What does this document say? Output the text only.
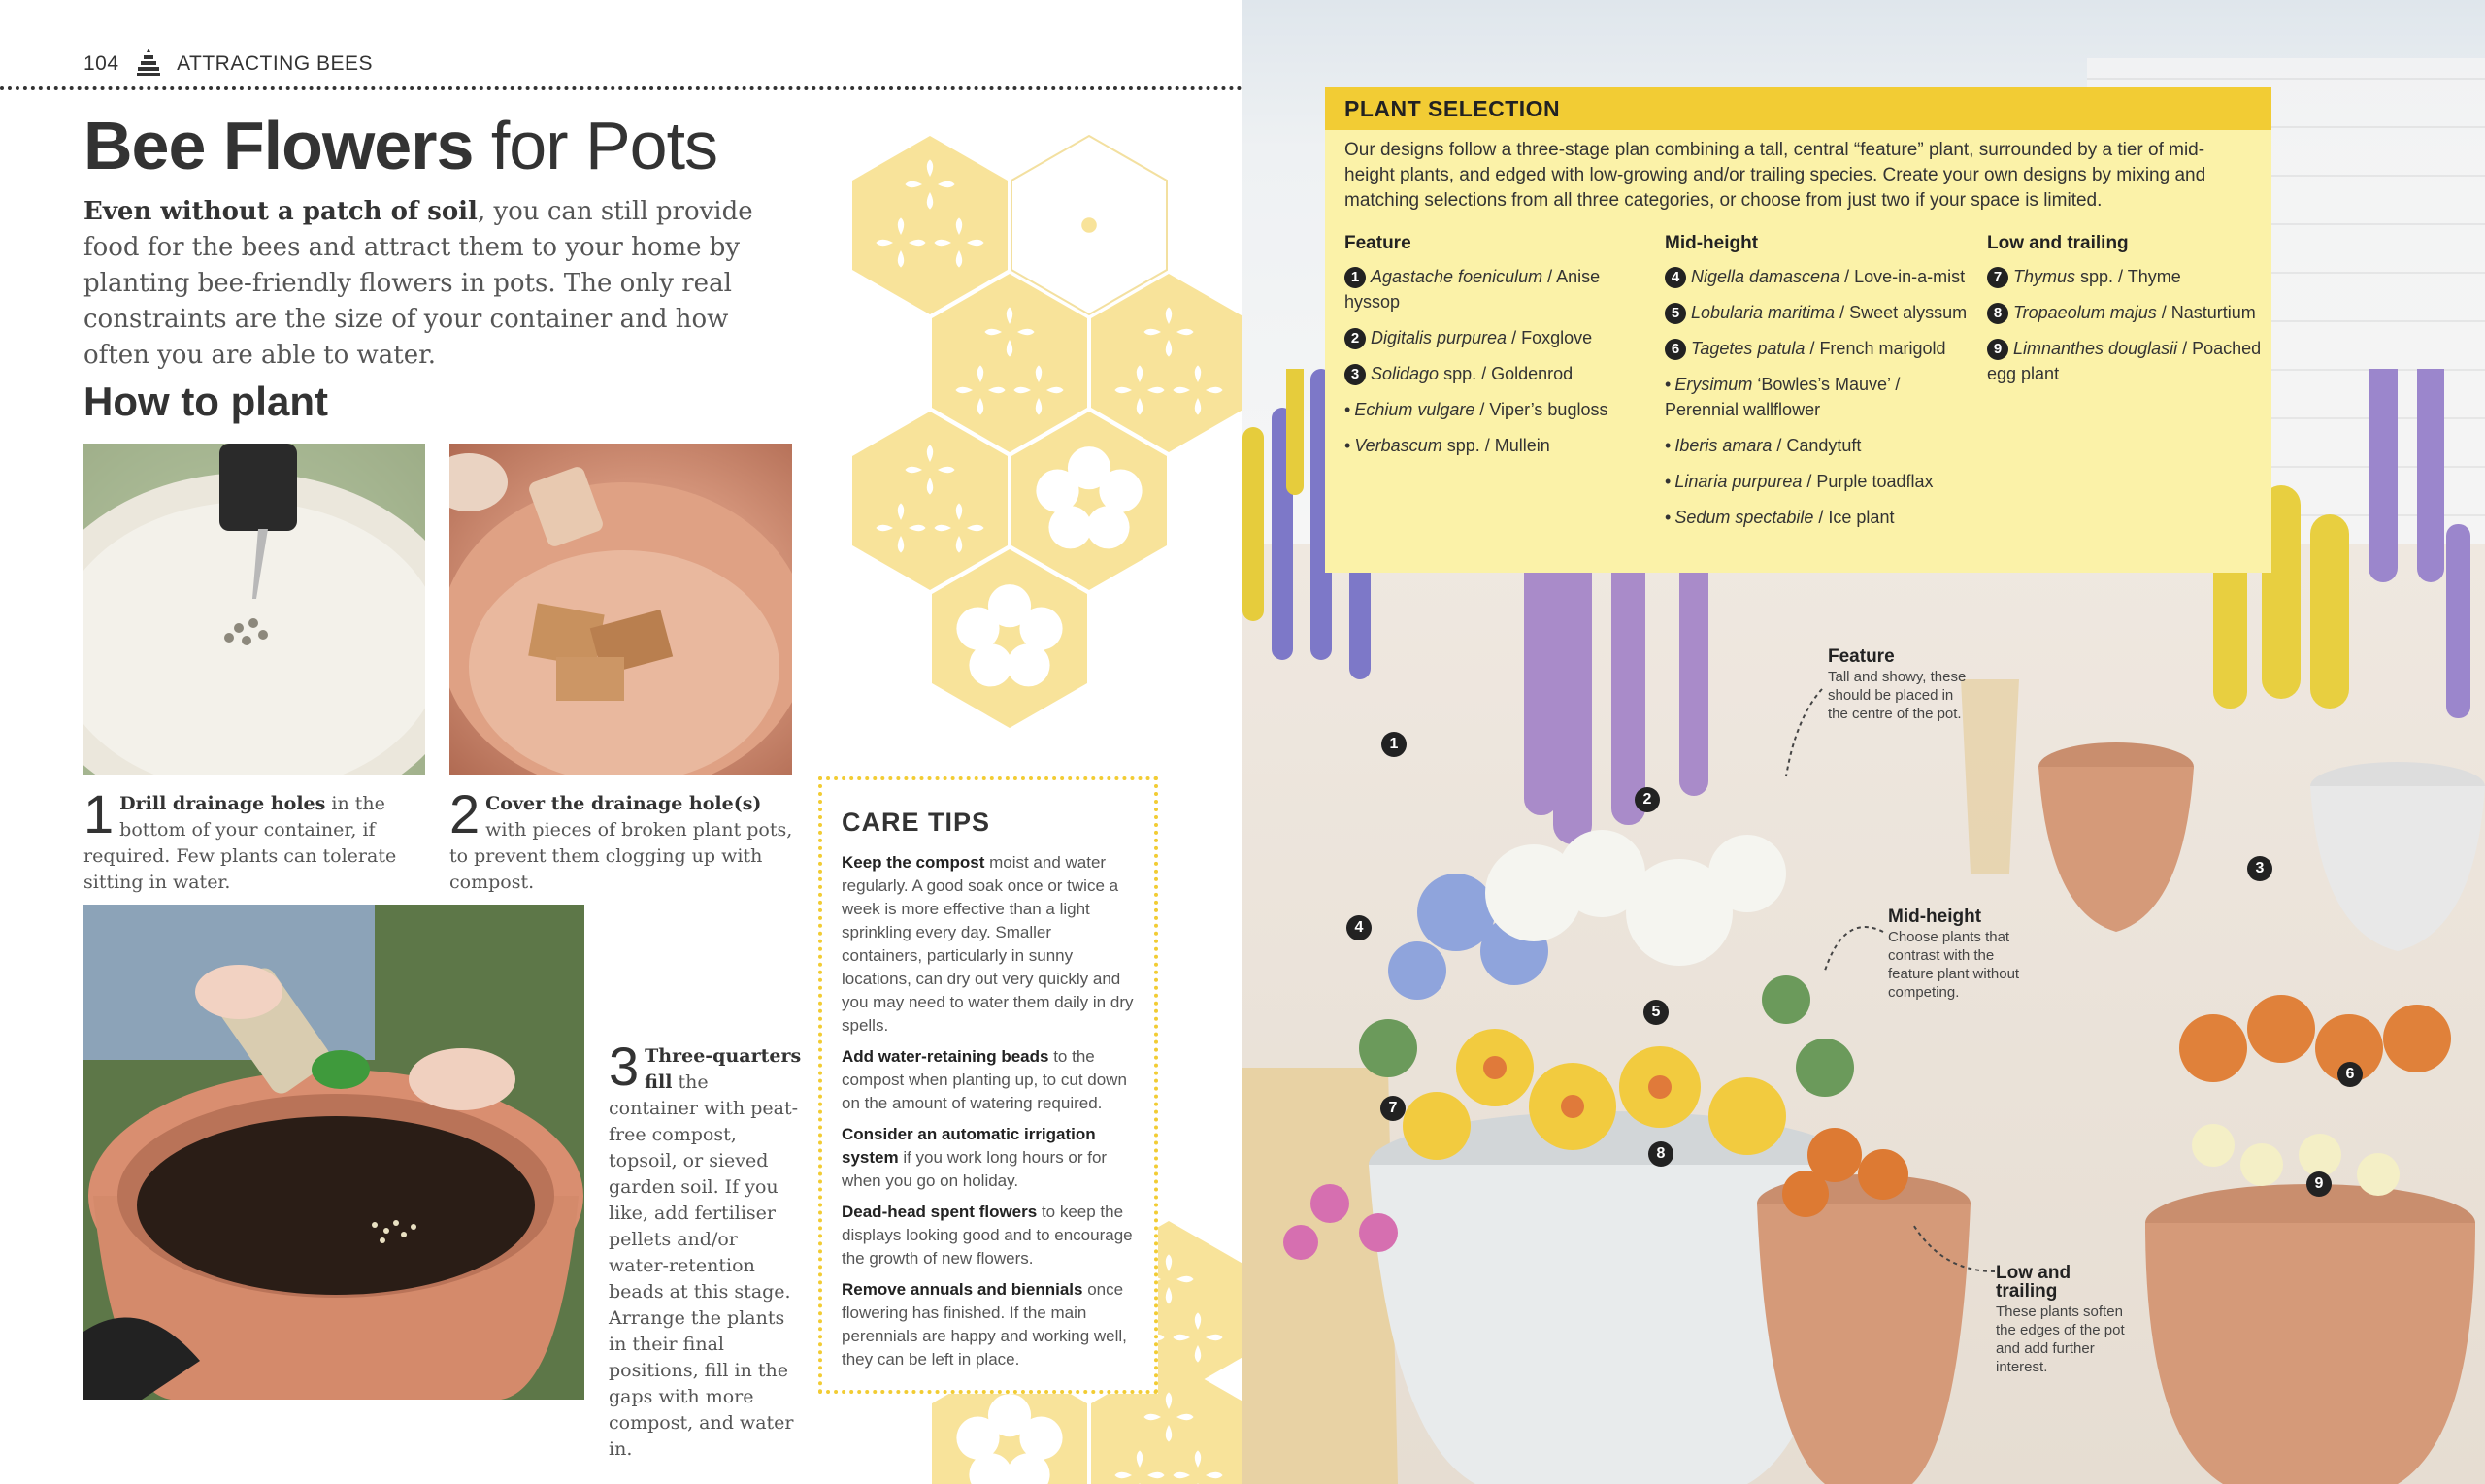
104	ATTRACTING BEES
Bee Flowers for Pots
Even without a patch of soil, you can still provide food for the bees and attract them to your home by planting bee-friendly flowers in pots. The only real constraints are the size of your container and how often you are able to water.
How to plant
1 Drill drainage holes in the bottom of your container, if required. Few plants can tolerate sitting in water.
2 Cover the drainage hole(s) with pieces of broken plant pots, to prevent them clogging up with compost.
3 Three-quarters fill the container with peat-free compost, topsoil, or sieved garden soil. If you like, add fertiliser pellets and/or water-retention beads at this stage. Arrange the plants in their final positions, fill in the gaps with more compost, and water in.
CARE TIPS

Keep the compost moist and water regularly. A good soak once or twice a week is more effective than a light sprinkling every day. Smaller containers, particularly in sunny locations, can dry out very quickly and you may need to water them daily in dry spells.

Add water-retaining beads to the compost when planting up, to cut down on the amount of watering required.

Consider an automatic irrigation system if you work long hours or for when you go on holiday.

Dead-head spent flowers to keep the displays looking good and to encourage the growth of new flowers.

Remove annuals and biennials once flowering has finished. If the main perennials are happy and working well, they can be left in place.

PLANT SELECTION
Our designs follow a three-stage plan combining a tall, central “feature” plant, surrounded by a tier of mid-height plants, and edged with low-growing and/or trailing species. Create your own designs by mixing and matching selections from all three categories, or choose from just two if your space is limited.
Feature
1 Agastache foeniculum / Anise hyssop
2 Digitalis purpurea / Foxglove
3 Solidago spp. / Goldenrod
• Echium vulgare / Viper’s bugloss
• Verbascum spp. / Mullein
Mid-height
4 Nigella damascena / Love-in-a-mist
5 Lobularia maritima / Sweet alyssum
6 Tagetes patula / French marigold
• Erysimum ‘Bowles’s Mauve’ / Perennial wallflower
• Iberis amara / Candytuft
• Linaria purpurea / Purple toadflax
• Sedum spectabile / Ice plant
Low and trailing
7 Thymus spp. / Thyme
8 Tropaeolum majus / Nasturtium
9 Limnanthes douglasii / Poached egg plant
Feature
Tall and showy, these should be placed in the centre of the pot.
Mid-height
Choose plants that contrast with the feature plant without competing.
Low and trailing
These plants soften the edges of the pot and add further interest.
1
2
3
4
5
6
7
8
9
